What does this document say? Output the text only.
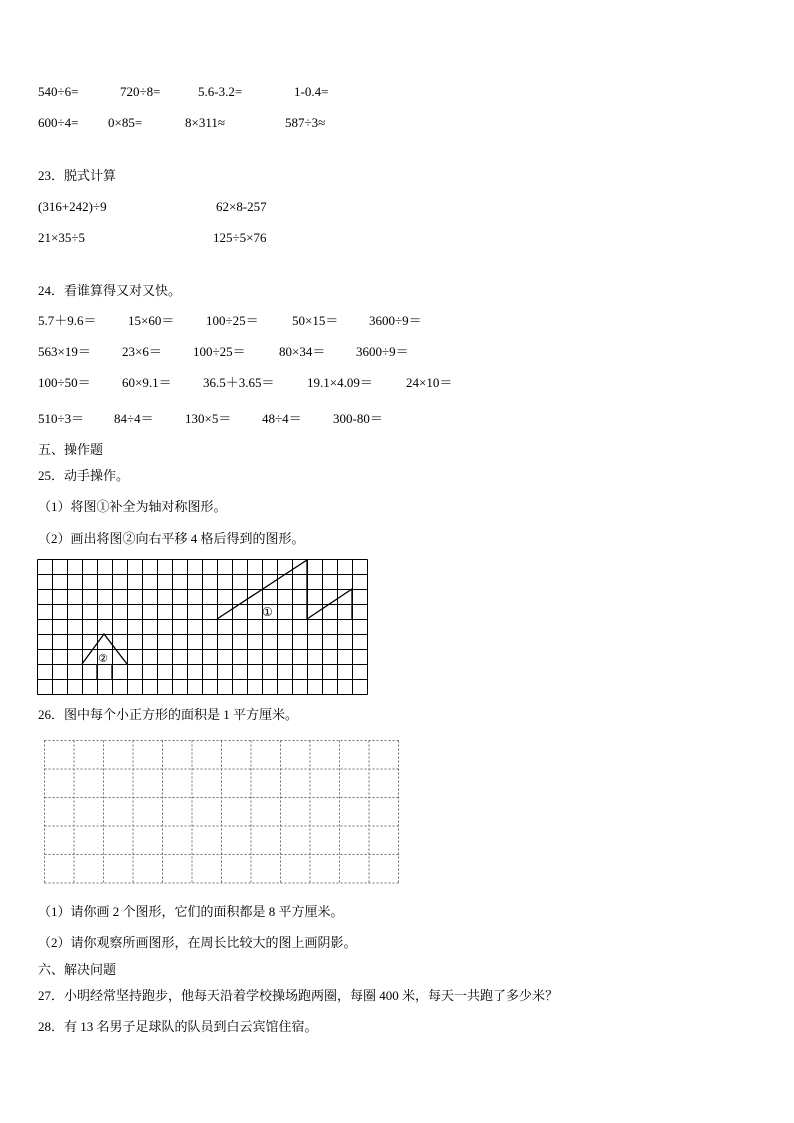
540÷6=	720÷8=	5.6-3.2=	1-0.4=
600÷4= 0×85=	8×311≈	587÷3≈
23．脱式计算
(316+242)÷9	62×8-257
21×35÷5	125÷5×76
24．看谁算得又对又快。
5.7＋9.6＝ 15×60＝ 100÷25＝	50×15＝ 3600÷9＝
563×19＝ 23×6＝ 100÷25＝	80×34＝ 3600÷9＝
100÷50＝ 60×9.1＝ 36.5＋3.65＝ 19.1×4.09＝	24×10＝
510÷3＝ 84÷4＝ 130×5＝ 48÷4＝ 300-80＝
五、操作题
25．动手操作。
（1）将图①补全为轴对称图形。
（2）画出将图②向右平移 4 格后得到的图形。
①
②
26．图中每个小正方形的面积是 1 平方厘米。
（1）请你画 2 个图形，它们的面积都是 8 平方厘米。
（2）请你观察所画图形，在周长比较大的图上画阴影。
六、解决问题
27．小明经常坚持跑步，他每天沿着学校操场跑两圈，每圈 400 米，每天一共跑了多少米？
28．有 13 名男子足球队的队员到白云宾馆住宿。
